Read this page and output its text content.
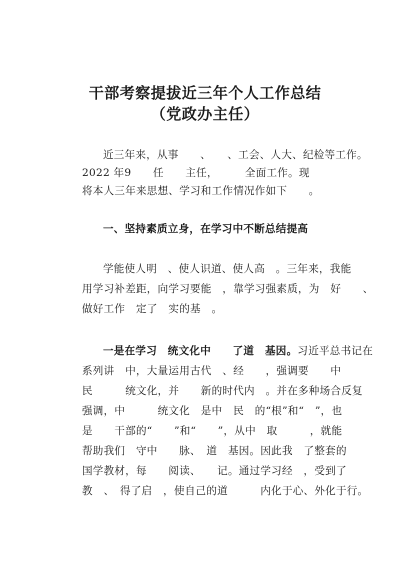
干部考察提拔近三年个人工作总结
（党政办主任）
近三年来，从事　　、　　、工会、人大、纪检等工作。
2022 年9　　任　　主任，　　　全面工作。现
将本人三年来思想、学习和工作情况作如下　　。
一、坚持素质立身，在学习中不断总结提高
学能使人明　、使人识道、使人高　。三年来，我能
用学习补差距，向学习要能　，靠学习强素质，为　好　　、
做好工作　定了　实的基　。
一是在学习　统文化中　　了道　基因。习近平总书记在
系列讲　中，大量运用古代　、经　　，强调要　　中
民　　　统文化，并　　新的时代内　。并在多种场合反复
强调，中　　　统文化　是中　民　的“根”和“　”，也
是　　干部的“　　”和“　　”，从中　取　　　，就能
帮助我们　守中　　脉、　道　基因。因此我　了整套的
国学教材，每　　阅读、　　记。通过学习经　，受到了
教　、　得了启　，使自己的道　　　内化于心、外化于行。
